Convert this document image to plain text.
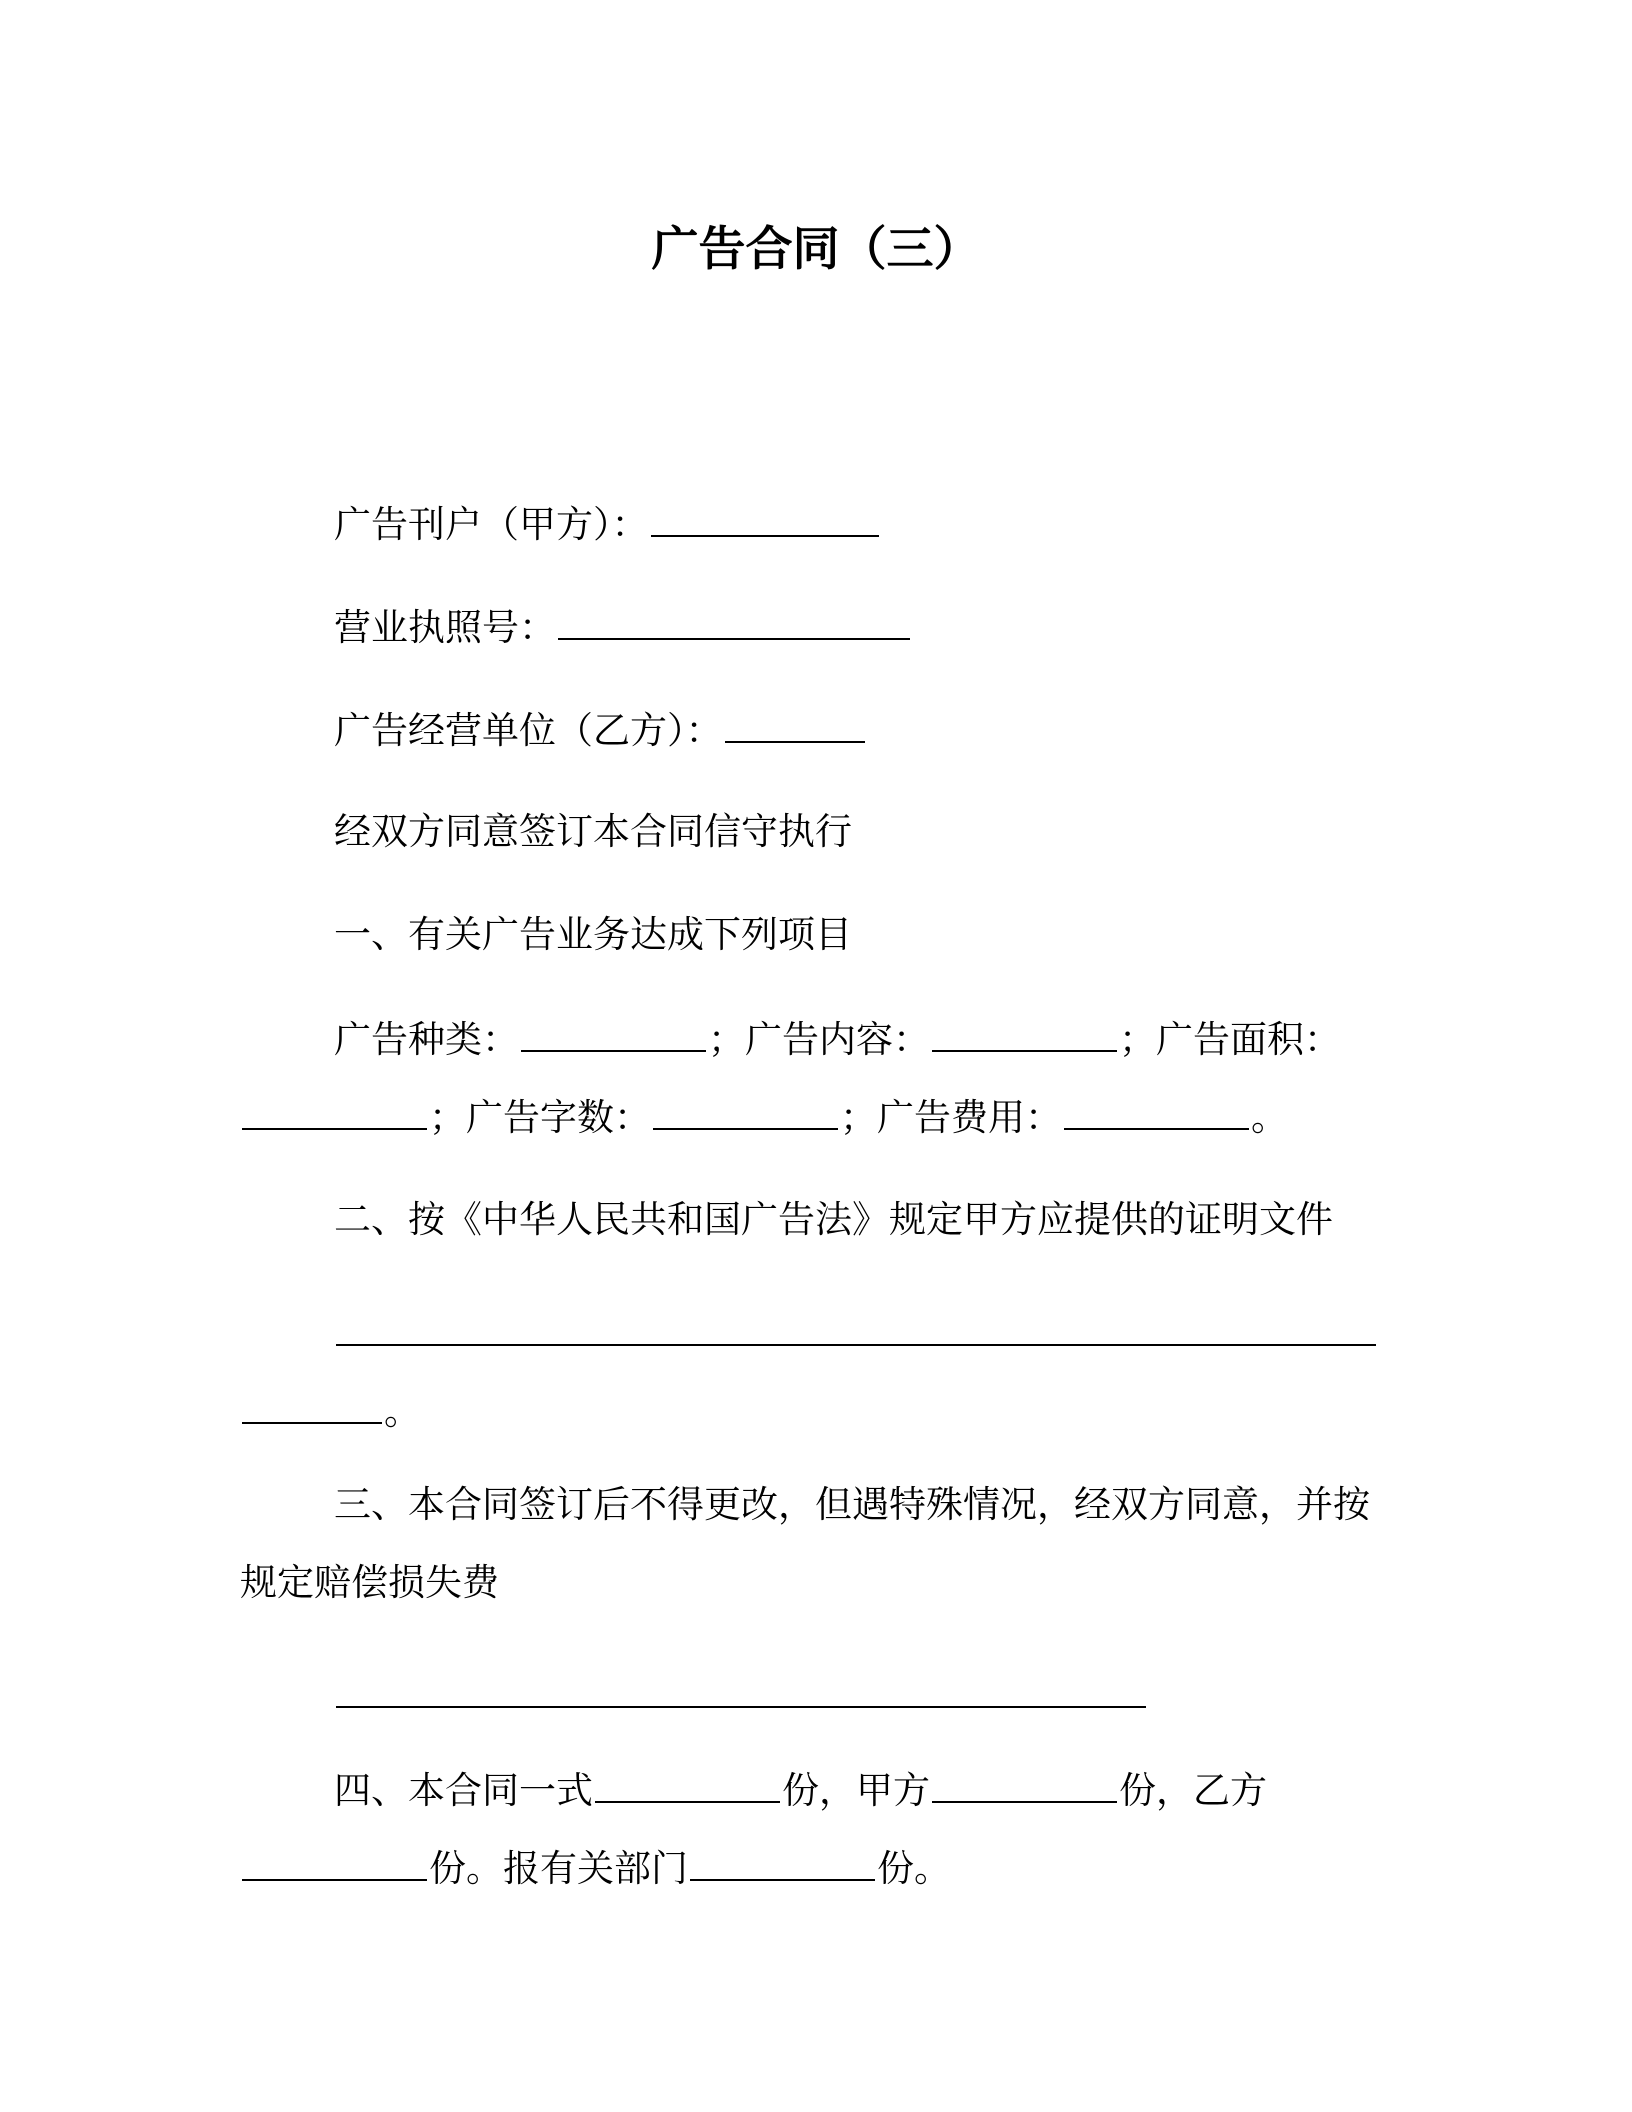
广告合同（三）
广告刊户（甲方）：
营业执照号：
广告经营单位（乙方）：
经双方同意签订本合同信守执行
一、有关广告业务达成下列项目
广告种类：	；广告内容：	；广告面积：
；广告字数：	；广告费用：	。
二、按《中华人民共和国广告法》规定甲方应提供的证明文件
。
三、本合同签订后不得更改，但遇特殊情况，经双方同意，并按
规定赔偿损失费
四、本合同一式	份，甲方	份，乙方
份。报有关部门	份。
